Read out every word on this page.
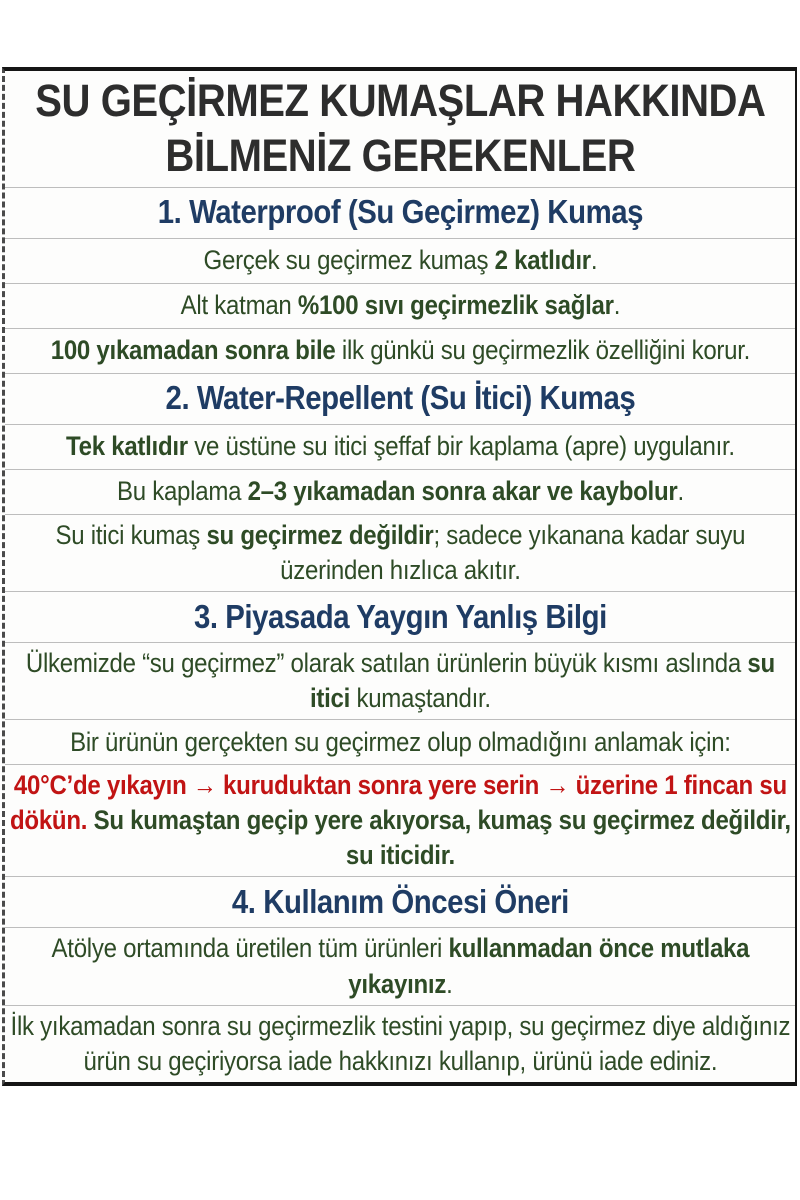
SU GEÇİRMEZ KUMAŞLAR HAKKINDA
BİLMENİZ GEREKENLER
1. Waterproof (Su Geçirmez) Kumaş
Gerçek su geçirmez kumaş 2 katlıdır.
Alt katman %100 sıvı geçirmezlik sağlar.
100 yıkamadan sonra bile ilk günkü su geçirmezlik özelliğini korur.
2. Water-Repellent (Su İtici) Kumaş
Tek katlıdır ve üstüne su itici şeffaf bir kaplama (apre) uygulanır.
Bu kaplama 2–3 yıkamadan sonra akar ve kaybolur.
Su itici kumaş su geçirmez değildir; sadece yıkanana kadar suyu üzerinden hızlıca akıtır.
3. Piyasada Yaygın Yanlış Bilgi
Ülkemizde “su geçirmez” olarak satılan ürünlerin büyük kısmı aslında su itici kumaştandır.
Bir ürünün gerçekten su geçirmez olup olmadığını anlamak için:
40°C’de yıkayın → kuruduktan sonra yere serin → üzerine 1 fincan su dökün. Su kumaştan geçip yere akıyorsa, kumaş su geçirmez değildir, su iticidir.
4. Kullanım Öncesi Öneri
Atölye ortamında üretilen tüm ürünleri kullanmadan önce mutlaka yıkayınız.
İlk yıkamadan sonra su geçirmezlik testini yapıp, su geçirmez diye aldığınız ürün su geçiriyorsa iade hakkınızı kullanıp, ürünü iade ediniz.
